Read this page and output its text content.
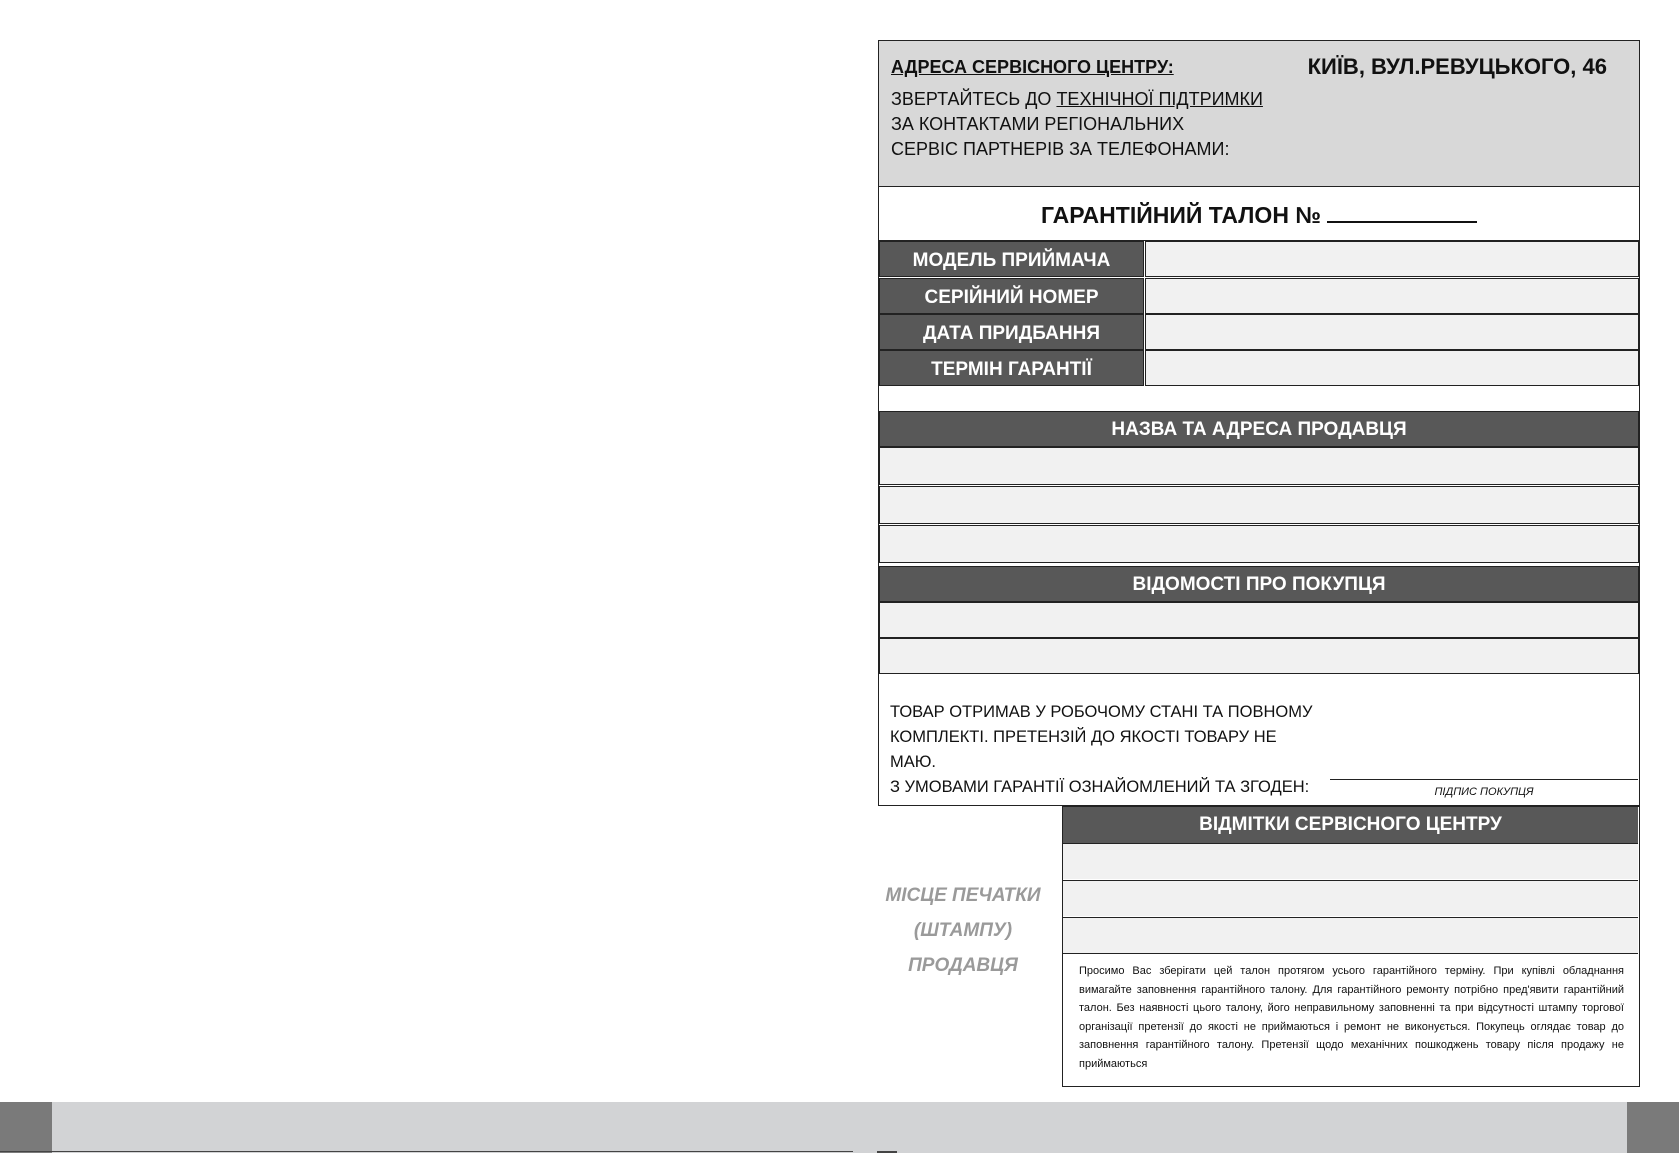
АДРЕСА СЕРВІСНОГО ЦЕНТРУ:	КИЇВ, ВУЛ.РЕВУЦЬКОГО, 46
ЗВЕРТАЙТЕСЬ ДО ТЕХНІЧНОЇ ПІДТРИМКИ
ЗА КОНТАКТАМИ РЕГІОНАЛЬНИХ
СЕРВІС ПАРТНЕРІВ ЗА ТЕЛЕФОНАМИ:
ГАРАНТІЙНИЙ ТАЛОН №
МОДЕЛЬ ПРИЙМАЧА
СЕРІЙНИЙ НОМЕР
ДАТА ПРИДБАННЯ
ТЕРМІН ГАРАНТІЇ
НАЗВА ТА АДРЕСА ПРОДАВЦЯ
ВІДОМОСТІ ПРО ПОКУПЦЯ
ТОВАР ОТРИМАВ У РОБОЧОМУ СТАНІ ТА ПОВНОМУ
КОМПЛЕКТІ. ПРЕТЕНЗІЙ ДО ЯКОСТІ ТОВАРУ НЕ МАЮ.
З УМОВАМИ ГАРАНТІЇ ОЗНАЙОМЛЕНИЙ ТА ЗГОДЕН:	ПІДПИС ПОКУПЦЯ
МІСЦЕ ПЕЧАТКИ
(ШТАМПУ)
ПРОДАВЦЯ
ВІДМІТКИ СЕРВІСНОГО ЦЕНТРУ
Просимо Вас зберігати цей талон протягом усього гарантійного терміну. При купівлі обладнання вимагайте заповнення гарантійного талону. Для гарантійного ремонту потрібно пред'явити гарантійний талон. Без наявності цього талону, його неправильному заповненні та при відсутності штампу торгової організації претензії до якості не приймаються і ремонт не виконується. Покупець оглядає товар до заповнення гарантійного талону. Претензії щодо механічних пошкоджень товару після продажу не приймаються
